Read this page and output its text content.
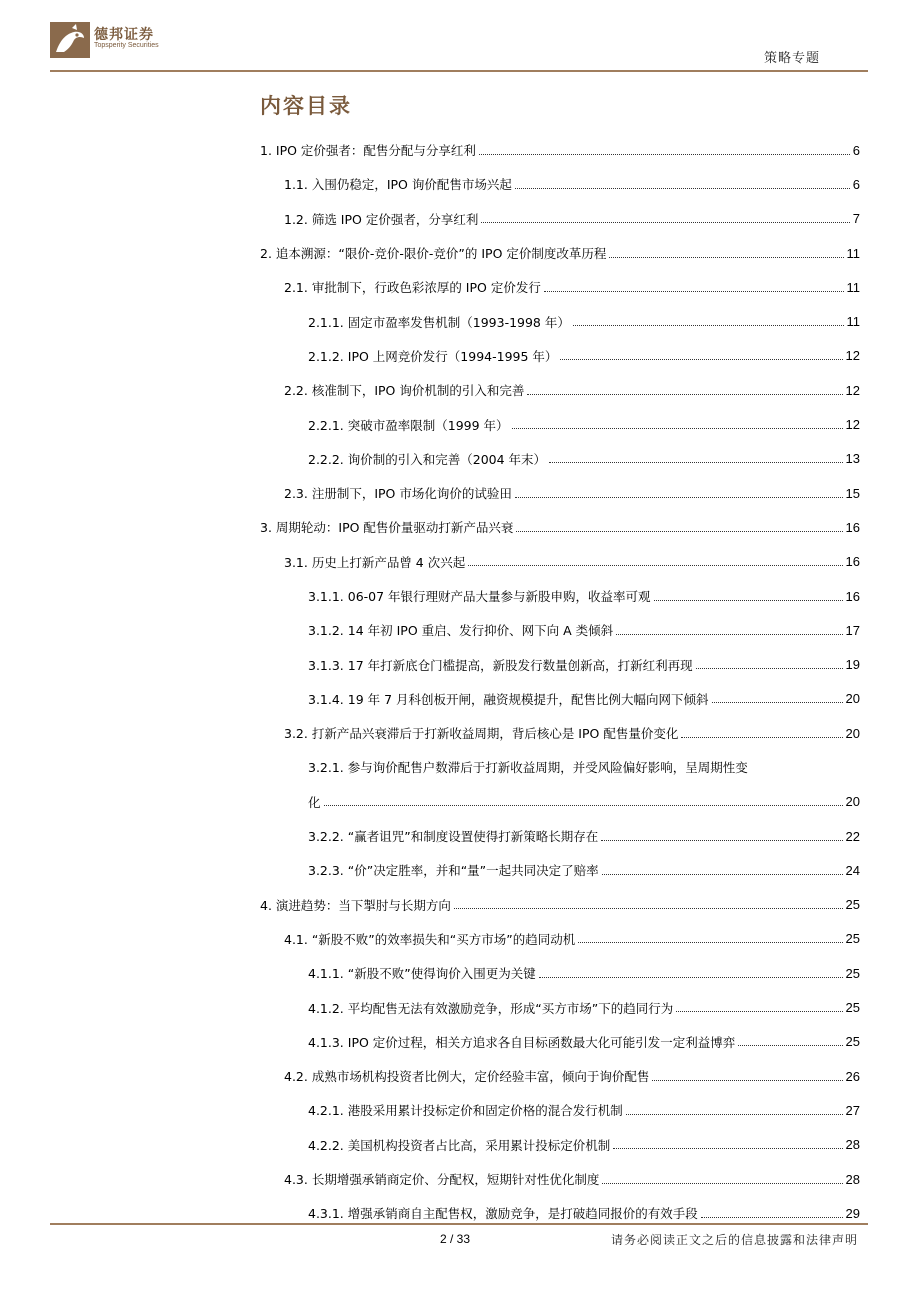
德邦证券
Topsperity Securities
策略专题
内容目录
1. IPO 定价强者：配售分配与分享红利	6
1.1. 入围仍稳定，IPO 询价配售市场兴起	6
1.2. 筛选 IPO 定价强者，分享红利	7
2. 追本溯源：“限价-竞价-限价-竞价”的 IPO 定价制度改革历程	11
2.1. 审批制下，行政色彩浓厚的 IPO 定价发行	11
2.1.1. 固定市盈率发售机制（1993-1998 年）	11
2.1.2. IPO 上网竞价发行（1994-1995 年）	12
2.2. 核准制下，IPO 询价机制的引入和完善	12
2.2.1. 突破市盈率限制（1999 年）	12
2.2.2. 询价制的引入和完善（2004 年末）	13
2.3. 注册制下，IPO 市场化询价的试验田	15
3. 周期轮动：IPO 配售价量驱动打新产品兴衰	16
3.1. 历史上打新产品曾 4 次兴起	16
3.1.1. 06-07 年银行理财产品大量参与新股申购，收益率可观	16
3.1.2. 14 年初 IPO 重启、发行抑价、网下向 A 类倾斜	17
3.1.3. 17 年打新底仓门槛提高，新股发行数量创新高，打新红利再现	19
3.1.4. 19 年 7 月科创板开闸，融资规模提升，配售比例大幅向网下倾斜	20
3.2. 打新产品兴衰滞后于打新收益周期，背后核心是 IPO 配售量价变化	20
3.2.1. 参与询价配售户数滞后于打新收益周期，并受风险偏好影响，呈周期性变
化	20
3.2.2. “赢者诅咒”和制度设置使得打新策略长期存在	22
3.2.3. “价”决定胜率，并和“量”一起共同决定了赔率	24
4. 演进趋势：当下掣肘与长期方向	25
4.1. “新股不败”的效率损失和“买方市场”的趋同动机	25
4.1.1. “新股不败”使得询价入围更为关键	25
4.1.2. 平均配售无法有效激励竞争，形成“买方市场”下的趋同行为	25
4.1.3. IPO 定价过程，相关方追求各自目标函数最大化可能引发一定利益博弈	25
4.2. 成熟市场机构投资者比例大，定价经验丰富，倾向于询价配售	26
4.2.1. 港股采用累计投标定价和固定价格的混合发行机制	27
4.2.2. 美国机构投资者占比高，采用累计投标定价机制	28
4.3. 长期增强承销商定价、分配权，短期针对性优化制度	28
4.3.1. 增强承销商自主配售权，激励竞争，是打破趋同报价的有效手段	29
2 / 33	请务必阅读正文之后的信息披露和法律声明
